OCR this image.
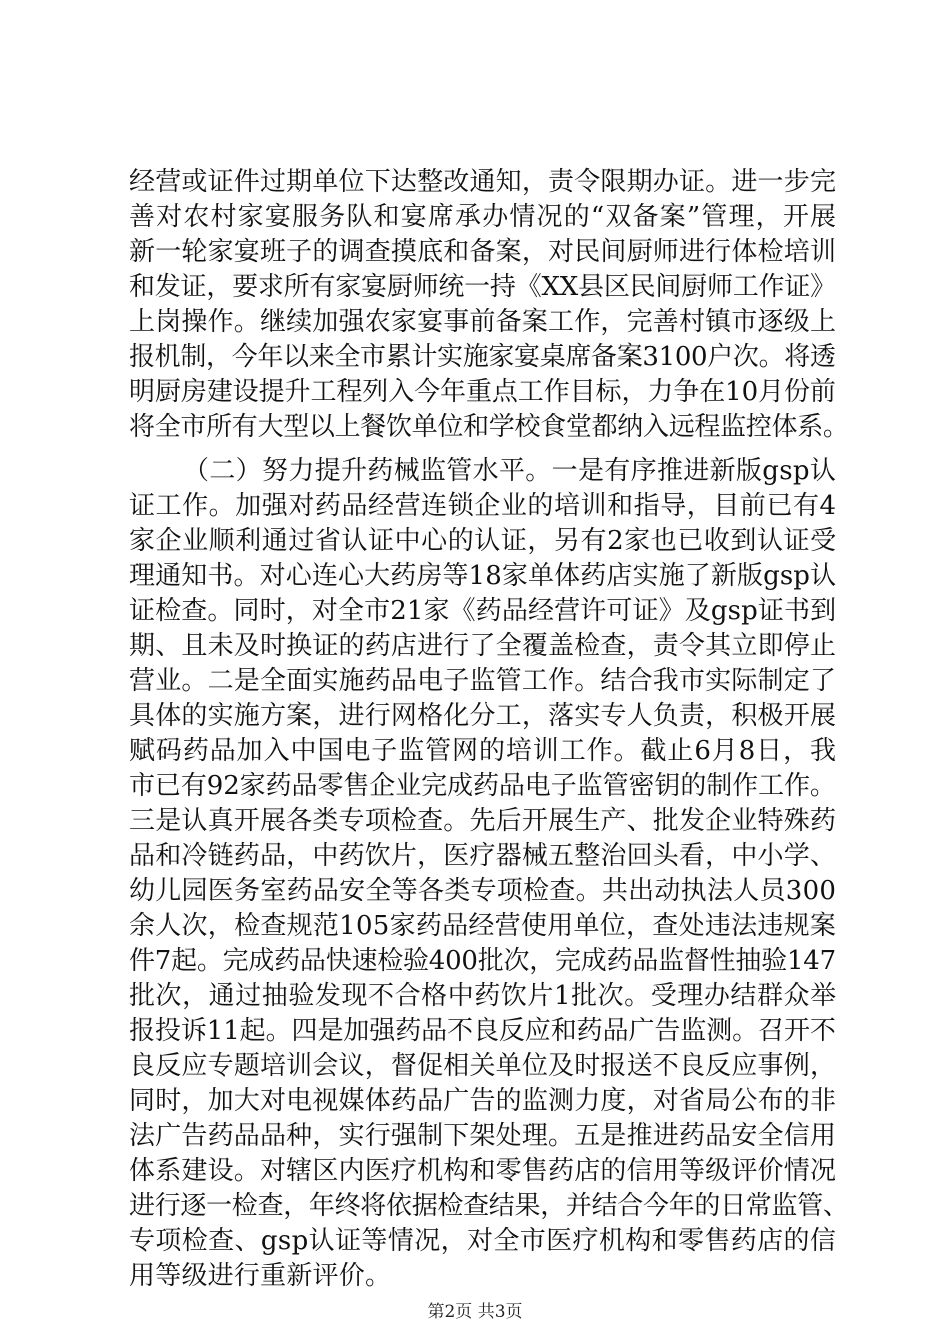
经营或证件过期单位下达整改通知，责令限期办证。进一步完
善对农村家宴服务队和宴席承办情况的“双备案”管理，开展
新一轮家宴班子的调查摸底和备案，对民间厨师进行体检培训
和发证，要求所有家宴厨师统一持《XX县区民间厨师工作证》
上岗操作。继续加强农家宴事前备案工作，完善村镇市逐级上
报机制，今年以来全市累计实施家宴桌席备案3100户次。将透
明厨房建设提升工程列入今年重点工作目标，力争在10月份前
将全市所有大型以上餐饮单位和学校食堂都纳入远程监控体系。
（二）努力提升药械监管水平。一是有序推进新版gsp认
证工作。加强对药品经营连锁企业的培训和指导，目前已有4
家企业顺利通过省认证中心的认证，另有2家也已收到认证受
理通知书。对心连心大药房等18家单体药店实施了新版gsp认
证检查。同时，对全市21家《药品经营许可证》及gsp证书到
期、且未及时换证的药店进行了全覆盖检查，责令其立即停止
营业。二是全面实施药品电子监管工作。结合我市实际制定了
具体的实施方案，进行网格化分工，落实专人负责，积极开展
赋码药品加入中国电子监管网的培训工作。截止6月8日，我
市已有92家药品零售企业完成药品电子监管密钥的制作工作。
三是认真开展各类专项检查。先后开展生产、批发企业特殊药
品和冷链药品，中药饮片，医疗器械五整治回头看，中小学、
幼儿园医务室药品安全等各类专项检查。共出动执法人员300
余人次，检查规范105家药品经营使用单位，查处违法违规案
件7起。完成药品快速检验400批次，完成药品监督性抽验147
批次，通过抽验发现不合格中药饮片1批次。受理办结群众举
报投诉11起。四是加强药品不良反应和药品广告监测。召开不
良反应专题培训会议，督促相关单位及时报送不良反应事例，
同时，加大对电视媒体药品广告的监测力度，对省局公布的非
法广告药品品种，实行强制下架处理。五是推进药品安全信用
体系建设。对辖区内医疗机构和零售药店的信用等级评价情况
进行逐一检查，年终将依据检查结果，并结合今年的日常监管、
专项检查、gsp认证等情况，对全市医疗机构和零售药店的信
用等级进行重新评价。
第2页 共3页
